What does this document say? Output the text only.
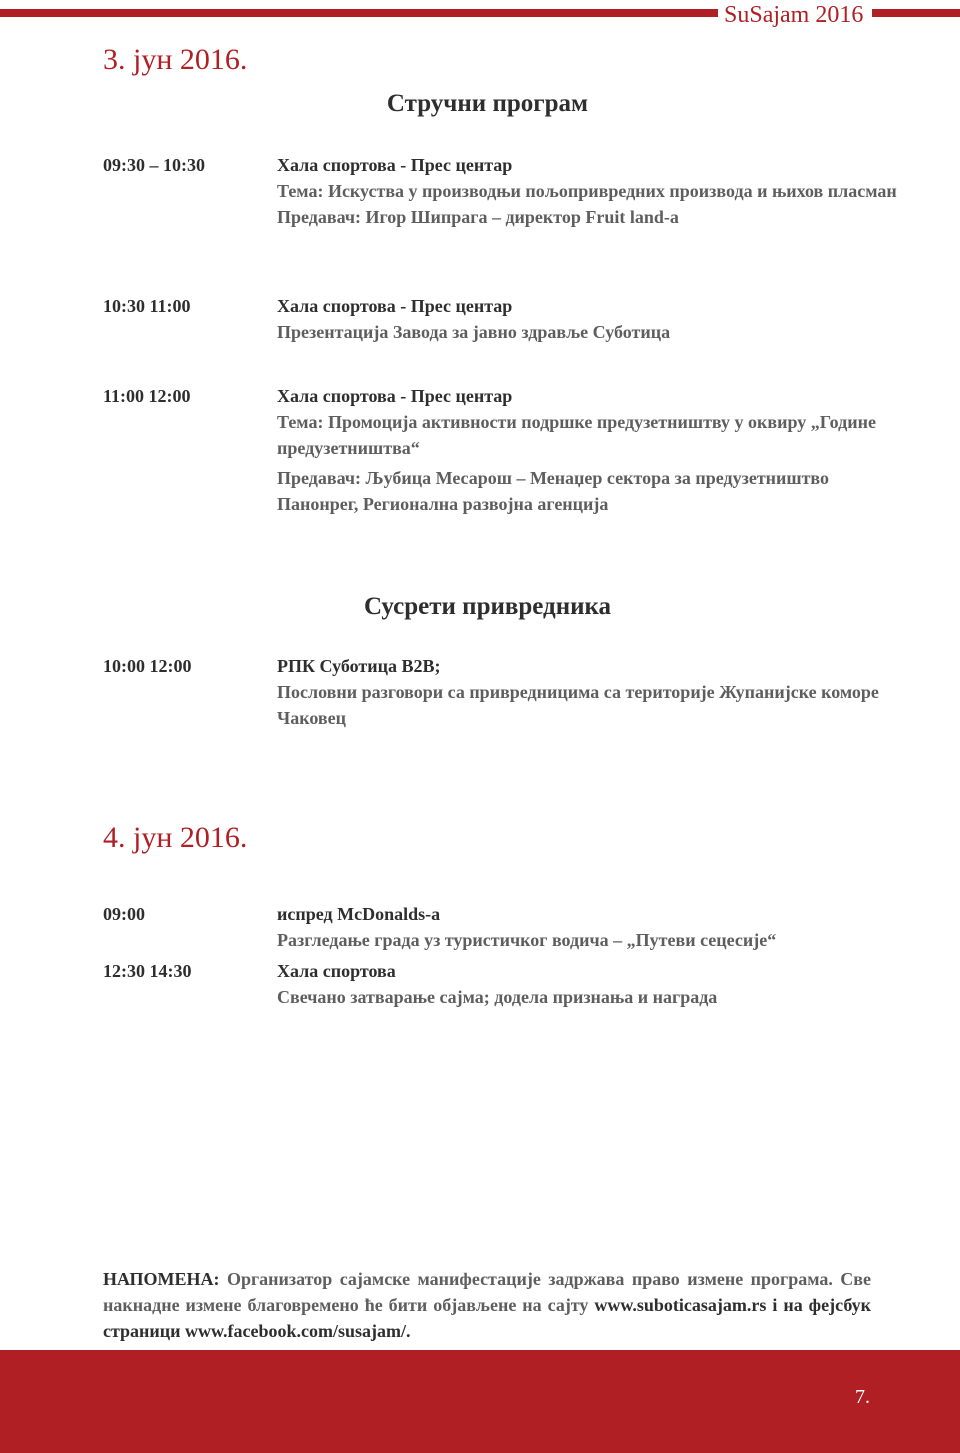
SuSajam 2016
3. јун 2016.
Стручни програм
09:30 – 10:30	Хала спортова - Прес центар
Тема: Искуства у производњи пољопривредних производа и њихов пласман
Предавач: Игор Шипрага – директор Fruit land-a
10:30 11:00	Хала спортова - Прес центар
Презентација Завода за јавно здравље Суботица
11:00 12:00	Хала спортова - Прес центар
Тема: Промоција активности подршке предузетништву у оквиру „Године предузетништва“
Предавач: Љубица Месарош – Менаџер сектора за предузетништво Панонрег, Регионална развојна агенција
Сусрети привредника
10:00 12:00	РПК Суботица B2B;
Пословни разговори са привредницима са територије Жупанијске коморе Чаковец
4. јун 2016.
09:00	испред McDonalds-a
Разгледање града уз туристичког водича – „Путеви сецесије“
12:30 14:30	Хала спортова
Свечано затварање сајма; додела признања и награда
НАПОМЕНА: Организатор сајамске манифестације задржава право измене програма. Све накнадне измене благовремено ће бити објављене на сајту www.suboticasajam.rs і на фејсбук страници www.facebook.com/susajam/.
7.
